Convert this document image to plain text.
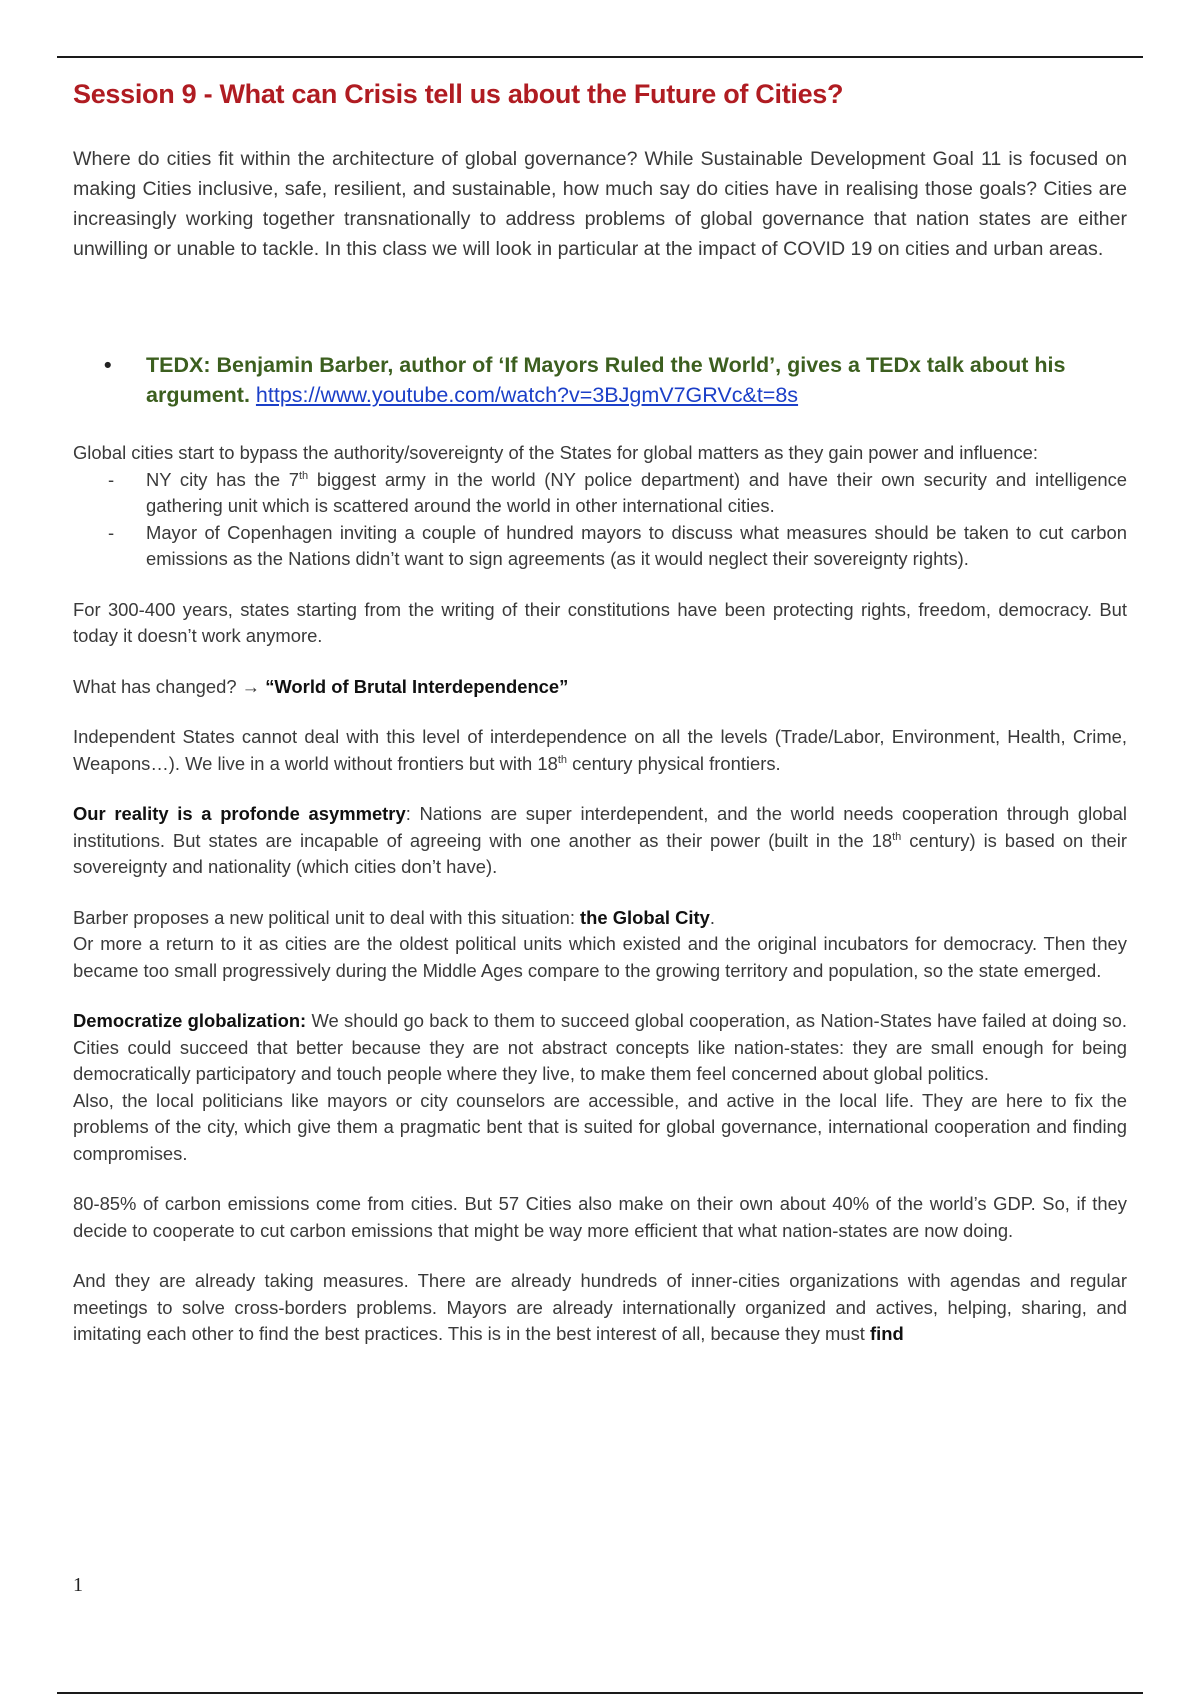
Session 9 - What can Crisis tell us about the Future of Cities?

Where do cities fit within the architecture of global governance? While Sustainable Development Goal 11 is focused on making Cities inclusive, safe, resilient, and sustainable, how much say do cities have in realising those goals? Cities are increasingly working together transnationally to address problems of global governance that nation states are either unwilling or unable to tackle. In this class we will look in particular at the impact of COVID 19 on cities and urban areas.

• TEDX: Benjamin Barber, author of ‘If Mayors Ruled the World’, gives a TEDx talk about his argument. https://www.youtube.com/watch?v=3BJgmV7GRVc&t=8s

Global cities start to bypass the authority/sovereignty of the States for global matters as they gain power and influence:

- NY city has the 7th biggest army in the world (NY police department) and have their own security and intelligence gathering unit which is scattered around the world in other international cities.
- Mayor of Copenhagen inviting a couple of hundred mayors to discuss what measures should be taken to cut carbon emissions as the Nations didn’t want to sign agreements (as it would neglect their sovereignty rights).

For 300-400 years, states starting from the writing of their constitutions have been protecting rights, freedom, democracy. But today it doesn’t work anymore.

What has changed? → “World of Brutal Interdependence”

Independent States cannot deal with this level of interdependence on all the levels (Trade/Labor, Environment, Health, Crime, Weapons…). We live in a world without frontiers but with 18th century physical frontiers.

Our reality is a profonde asymmetry: Nations are super interdependent, and the world needs cooperation through global institutions. But states are incapable of agreeing with one another as their power (built in the 18th century) is based on their sovereignty and nationality (which cities don’t have).

Barber proposes a new political unit to deal with this situation: the Global City.

Or more a return to it as cities are the oldest political units which existed and the original incubators for democracy. Then they became too small progressively during the Middle Ages compare to the growing territory and population, so the state emerged.

Democratize globalization: We should go back to them to succeed global cooperation, as Nation-States have failed at doing so. Cities could succeed that better because they are not abstract concepts like nation-states: they are small enough for being democratically participatory and touch people where they live, to make them feel concerned about global politics.

Also, the local politicians like mayors or city counselors are accessible, and active in the local life. They are here to fix the problems of the city, which give them a pragmatic bent that is suited for global governance, international cooperation and finding compromises.

80-85% of carbon emissions come from cities. But 57 Cities also make on their own about 40% of the world’s GDP. So, if they decide to cooperate to cut carbon emissions that might be way more efficient that what nation-states are now doing.

And they are already taking measures. There are already hundreds of inner-cities organizations with agendas and regular meetings to solve cross-borders problems. Mayors are already internationally organized and actives, helping, sharing, and imitating each other to find the best practices. This is in the best interest of all, because they must find

1
